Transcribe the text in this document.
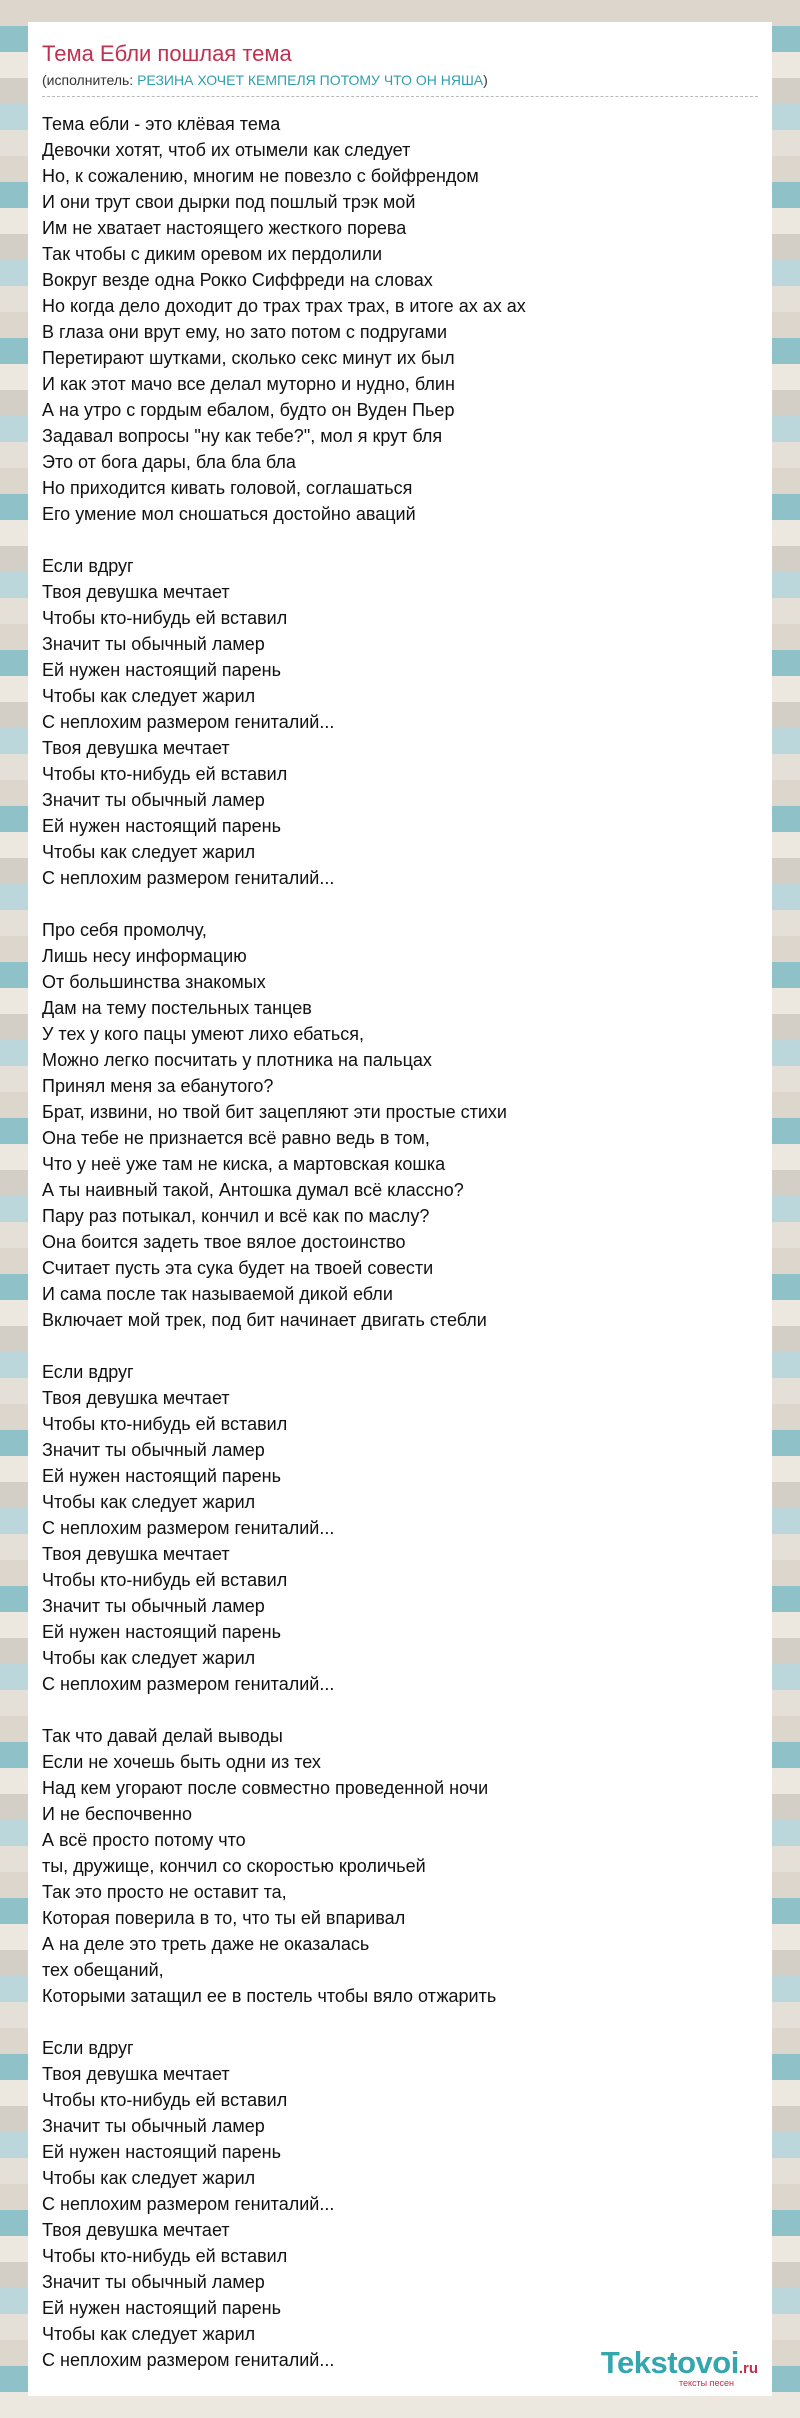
Тема Ебли пошлая тема
(исполнитель: РЕЗИНА ХОЧЕТ КЕМПЕЛЯ ПОТОМУ ЧТО ОН НЯША)
Тема ебли - это клёвая тема
Девочки хотят, чтоб их отымели как следует
Но, к сожалению, многим не повезло с бойфрендом
И они трут свои дырки под пошлый трэк мой
Им не хватает настоящего жесткого порева
Так чтобы с диким оревом их пердолили
Вокруг везде одна Рокко Сиффреди на словах
Но когда дело доходит до трах трах трах, в итоге ах ах ах
В глаза они врут ему, но зато потом с подругами
Перетирают шутками, сколько секс минут их был
И как этот мачо все делал муторно и нудно, блин
А на утро с гордым ебалом, будто он Вуден Пьер
Задавал вопросы "ну как тебе?", мол я крут бля
Это от бога дары, бла бла бла
Но приходится кивать головой, соглашаться
Его умение мол сношаться достойно аваций
Если вдруг
Твоя девушка мечтает
Чтобы кто-нибудь ей вставил
Значит ты обычный ламер
Ей нужен настоящий парень
Чтобы как следует жарил
С неплохим размером гениталий...
Твоя девушка мечтает
Чтобы кто-нибудь ей вставил
Значит ты обычный ламер
Ей нужен настоящий парень
Чтобы как следует жарил
С неплохим размером гениталий...
Про себя промолчу,
Лишь несу информацию
От большинства знакомых
Дам на тему постельных танцев
У тех у кого пацы умеют лихо ебаться,
Можно легко посчитать у плотника на пальцах
Принял меня за ебанутого?
Брат, извини, но твой бит зацепляют эти простые стихи
Она тебе не признается всё равно ведь в том,
Что у неё уже там не киска, а мартовская кошка
А ты наивный такой, Антошка думал всё классно?
Пару раз потыкал, кончил и всё как по маслу?
Она боится задеть твое вялое достоинство
Считает пусть эта сука будет на твоей совести
И сама после так называемой дикой ебли
Включает мой трек, под бит начинает двигать стебли
Если вдруг
Твоя девушка мечтает
Чтобы кто-нибудь ей вставил
Значит ты обычный ламер
Ей нужен настоящий парень
Чтобы как следует жарил
С неплохим размером гениталий...
Твоя девушка мечтает
Чтобы кто-нибудь ей вставил
Значит ты обычный ламер
Ей нужен настоящий парень
Чтобы как следует жарил
С неплохим размером гениталий...
Так что давай делай выводы
Если не хочешь быть одни из тех
Над кем угорают после совместно проведенной ночи
И не беспочвенно
А всё просто потому что
ты, дружище, кончил со скоростью кроличьей
Так это просто не оставит та,
Которая поверила в то, что ты ей впаривал
А на деле это треть даже не оказалась
тех обещаний,
Которыми затащил ее в постель чтобы вяло отжарить
Если вдруг
Твоя девушка мечтает
Чтобы кто-нибудь ей вставил
Значит ты обычный ламер
Ей нужен настоящий парень
Чтобы как следует жарил
С неплохим размером гениталий...
Твоя девушка мечтает
Чтобы кто-нибудь ей вставил
Значит ты обычный ламер
Ей нужен настоящий парень
Чтобы как следует жарил
С неплохим размером гениталий...	Tekstovoi.ru
тексты песен
